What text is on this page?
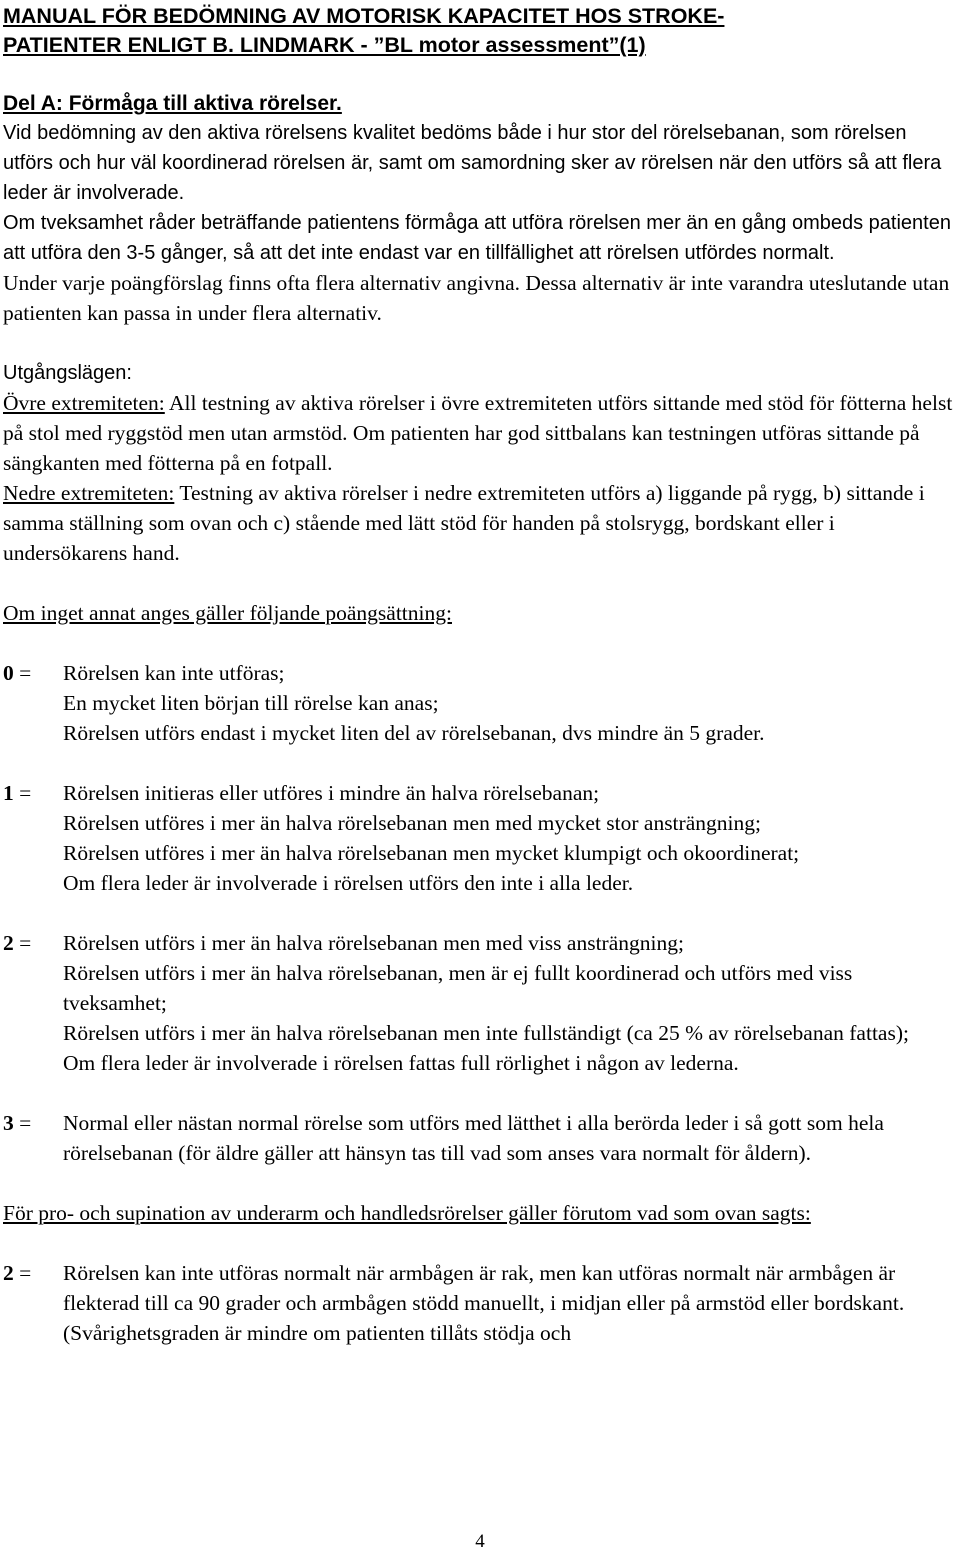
MANUAL FÖR BEDÖMNING AV MOTORISK KAPACITET HOS STROKE-
PATIENTER ENLIGT B. LINDMARK - ”BL motor assessment”(1)
Del A: Förmåga till aktiva rörelser.

Vid bedömning av den aktiva rörelsens kvalitet bedöms både i hur stor del rörelsebanan, som rörelsen utförs och hur väl koordinerad rörelsen är, samt om samordning sker av rörelsen när den utförs så att flera leder är involverade.

Om tveksamhet råder beträffande patientens förmåga att utföra rörelsen mer än en gång ombeds patienten att utföra den 3-5 gånger, så att det inte endast var en tillfällighet att rörelsen utfördes normalt.

Under varje poängförslag finns ofta flera alternativ angivna. Dessa alternativ är inte varandra uteslutande utan patienten kan passa in under flera alternativ.

Utgångslägen:

Övre extremiteten: All testning av aktiva rörelser i övre extremiteten utförs sittande med stöd för fötterna helst på stol med ryggstöd men utan armstöd. Om patienten har god sittbalans kan testningen utföras sittande på sängkanten med fötterna på en fotpall.

Nedre extremiteten: Testning av aktiva rörelser i nedre extremiteten utförs a) liggande på rygg, b) sittande i samma ställning som ovan och c) stående med lätt stöd för handen på stolsrygg, bordskant eller i undersökarens hand.

Om inget annat anges gäller följande poängsättning:

0 =	Rörelsen kan inte utföras;
En mycket liten början till rörelse kan anas;
Rörelsen utförs endast i mycket liten del av rörelsebanan, dvs mindre än 5 grader.
1 =	Rörelsen initieras eller utföres i mindre än halva rörelsebanan;
Rörelsen utföres i mer än halva rörelsebanan men med mycket stor ansträngning;
Rörelsen utföres i mer än halva rörelsebanan men mycket klumpigt och okoordinerat;
Om flera leder är involverade i rörelsen utförs den inte i alla leder.
2 =	Rörelsen utförs i mer än halva rörelsebanan men med viss ansträngning;
Rörelsen utförs i mer än halva rörelsebanan, men är ej fullt koordinerad och utförs med viss tveksamhet;
Rörelsen utförs i mer än halva rörelsebanan men inte fullständigt (ca 25 % av rörelsebanan fattas);
Om flera leder är involverade i rörelsen fattas full rörlighet i någon av lederna.
3 =	Normal eller nästan normal rörelse som utförs med lätthet i alla berörda leder i så gott som hela rörelsebanan (för äldre gäller att hänsyn tas till vad som anses vara normalt för åldern).

För pro- och supination av underarm och handledsrörelser gäller förutom vad som ovan sagts:

2 =	Rörelsen kan inte utföras normalt när armbågen är rak, men kan utföras normalt när armbågen är flekterad till ca 90 grader och armbågen stödd manuellt, i midjan eller på armstöd eller bordskant.(Svårighetsgraden är mindre om patienten tillåts stödja och
4
